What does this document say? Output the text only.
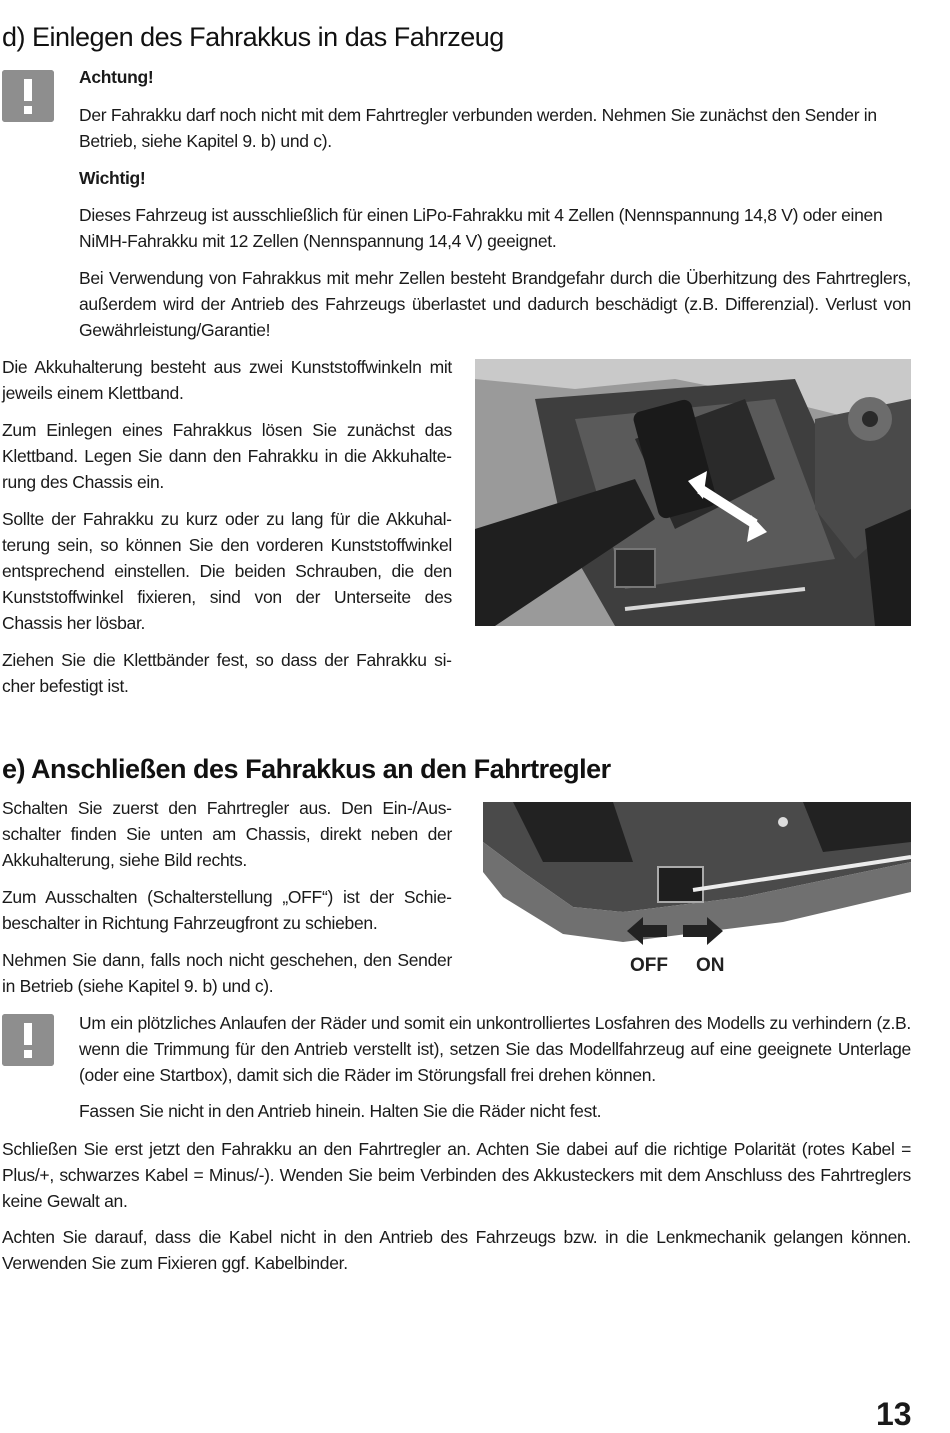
d) Einlegen des Fahrakkus in das Fahrzeug

Achtung!

Der Fahrakku darf noch nicht mit dem Fahrtregler verbunden werden. Nehmen Sie zunächst den Sender in Betrieb, siehe Kapitel 9. b) und c).

Wichtig!

Dieses Fahrzeug ist ausschließlich für einen LiPo-Fahrakku mit 4 Zellen (Nennspannung 14,8 V) oder einen NiMH-Fahrakku mit 12 Zellen (Nennspannung 14,4 V) geeignet.

Bei Verwendung von Fahrakkus mit mehr Zellen besteht Brandgefahr durch die Überhitzung des Fahrtreglers, außerdem wird der Antrieb des Fahrzeugs überlastet und dadurch beschädigt (z.B. Differenzial). Verlust von Gewährleistung/Garantie!

Die Akkuhalterung besteht aus zwei Kunststoffwinkeln mit jeweils einem Klettband.

Zum Einlegen eines Fahrakkus lösen Sie zunächst das Klettband. Legen Sie dann den Fahrakku in die Akkuhalterung des Chassis ein.

Sollte der Fahrakku zu kurz oder zu lang für die Akkuhalterung sein, so können Sie den vorderen Kunststoffwinkel entsprechend einstellen. Die beiden Schrauben, die den Kunststoffwinkel fixieren, sind von der Unterseite des Chassis her lösbar.

Ziehen Sie die Klettbänder fest, so dass der Fahrakku sicher befestigt ist.

e) Anschließen des Fahrakkus an den Fahrtregler

Schalten Sie zuerst den Fahrtregler aus. Den Ein-/Ausschalter finden Sie unten am Chassis, direkt neben der Akkuhalterung, siehe Bild rechts.

Zum Ausschalten (Schalterstellung „OFF“) ist der Schiebeschalter in Richtung Fahrzeugfront zu schieben.

Nehmen Sie dann, falls noch nicht geschehen, den Sender in Betrieb (siehe Kapitel 9. b) und c).

OFF ON

Um ein plötzliches Anlaufen der Räder und somit ein unkontrolliertes Losfahren des Modells zu verhindern (z.B. wenn die Trimmung für den Antrieb verstellt ist), setzen Sie das Modellfahrzeug auf eine geeignete Unterlage (oder eine Startbox), damit sich die Räder im Störungsfall frei drehen können.

Fassen Sie nicht in den Antrieb hinein. Halten Sie die Räder nicht fest.

Schließen Sie erst jetzt den Fahrakku an den Fahrtregler an. Achten Sie dabei auf die richtige Polarität (rotes Kabel = Plus/+, schwarzes Kabel = Minus/-). Wenden Sie beim Verbinden des Akkusteckers mit dem Anschluss des Fahrtreglers keine Gewalt an.

Achten Sie darauf, dass die Kabel nicht in den Antrieb des Fahrzeugs bzw. in die Lenkmechanik gelangen können. Verwenden Sie zum Fixieren ggf. Kabelbinder.

13
